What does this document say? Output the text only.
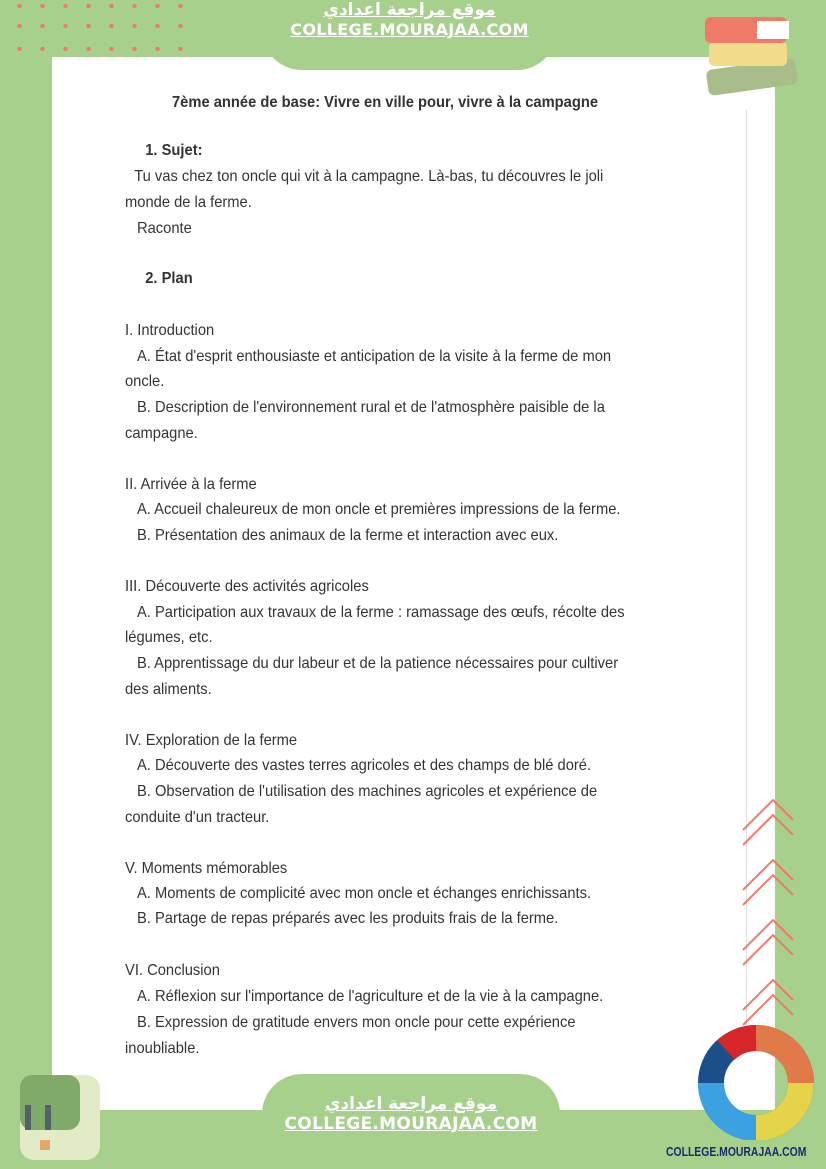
موقع مراجعة اعدادي
COLLEGE.MOURAJAA.COM
7ème année de base: Vivre en ville pour, vivre à la campagne
1. Sujet:
Tu vas chez ton oncle qui vit à la campagne. Là-bas, tu découvres le joli
monde de la ferme.
Raconte
2. Plan
I. Introduction
A. État d'esprit enthousiaste et anticipation de la visite à la ferme de mon
oncle.
B. Description de l'environnement rural et de l'atmosphère paisible de la
campagne.
II. Arrivée à la ferme
A. Accueil chaleureux de mon oncle et premières impressions de la ferme.
B. Présentation des animaux de la ferme et interaction avec eux.
III. Découverte des activités agricoles
A. Participation aux travaux de la ferme : ramassage des œufs, récolte des
légumes, etc.
B. Apprentissage du dur labeur et de la patience nécessaires pour cultiver
des aliments.
IV. Exploration de la ferme
A. Découverte des vastes terres agricoles et des champs de blé doré.
B. Observation de l'utilisation des machines agricoles et expérience de
conduite d'un tracteur.
V. Moments mémorables
A. Moments de complicité avec mon oncle et échanges enrichissants.
B. Partage de repas préparés avec les produits frais de la ferme.
VI. Conclusion
A. Réflexion sur l'importance de l'agriculture et de la vie à la campagne.
B. Expression de gratitude envers mon oncle pour cette expérience
inoubliable.
موقع مراجعة اعدادي
COLLEGE.MOURAJAA.COM
COLLEGE.MOURAJAA.COM
